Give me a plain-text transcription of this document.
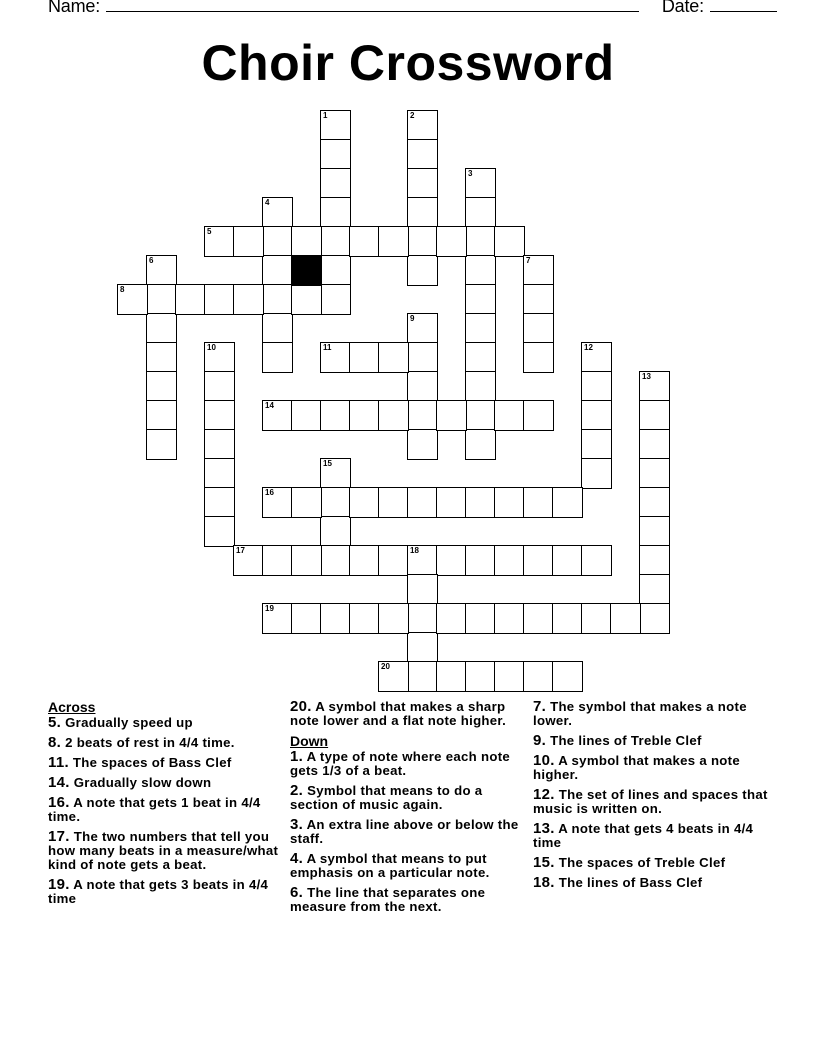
Name:	Date:
Choir Crossword
1	2
3
4
5
6	7
8
9
10	11	12
13
14
15
16
17	18
19
20
Across
5. Gradually speed up
8. 2 beats of rest in 4/4 time.
11. The spaces of Bass Clef
14. Gradually slow down
16. A note that gets 1 beat in 4/4 time.
17. The two numbers that tell you how many beats in a measure/what kind of note gets a beat.
19. A note that gets 3 beats in 4/4 time
20. A symbol that makes a sharp note lower and a flat note higher.
Down
1. A type of note where each note gets 1/3 of a beat.
2. Symbol that means to do a section of music again.
3. An extra line above or below the staff.
4. A symbol that means to put emphasis on a particular note.
6. The line that separates one measure from the next.
7. The symbol that makes a note lower.
9. The lines of Treble Clef
10. A symbol that makes a note higher.
12. The set of lines and spaces that music is written on.
13. A note that gets 4 beats in 4/4 time
15. The spaces of Treble Clef
18. The lines of Bass Clef
